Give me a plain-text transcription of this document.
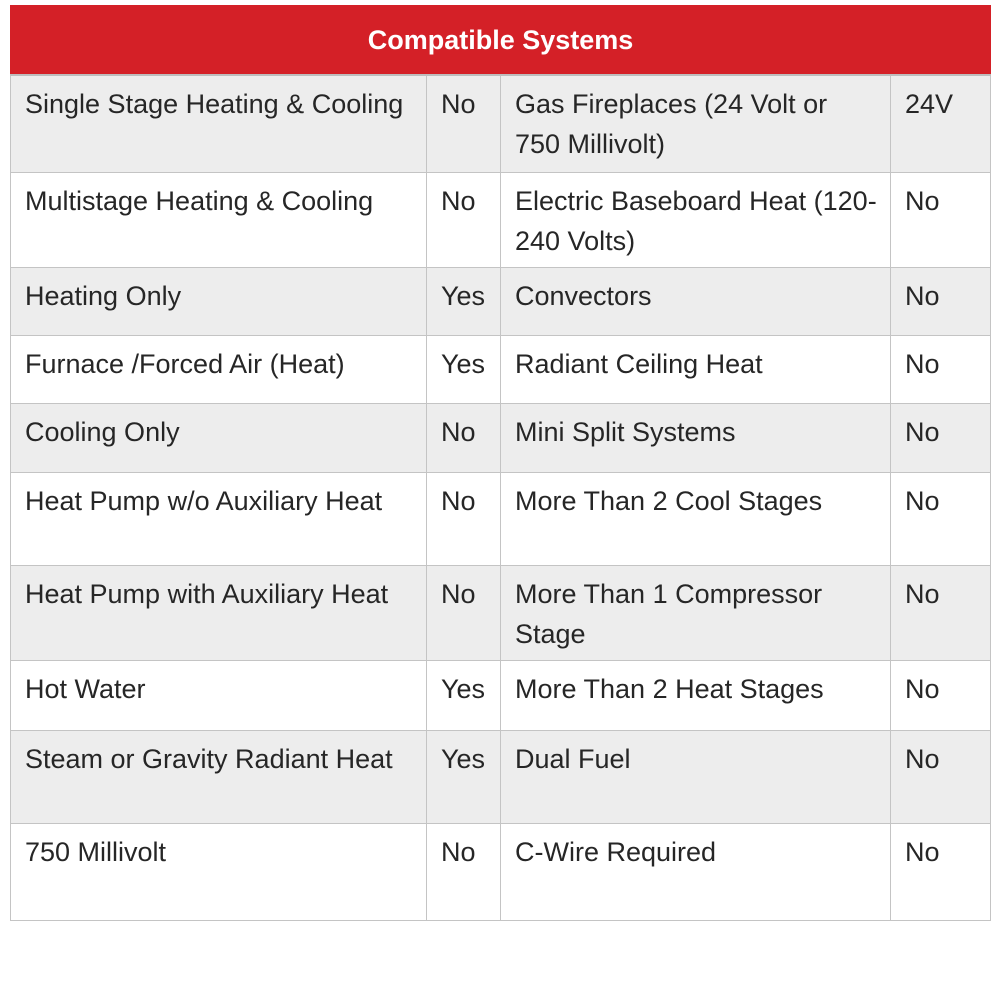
Compatible Systems			
Single Stage Heating & Cooling	No	Gas Fireplaces (24 Volt or 750 Millivolt)	24V
Multistage Heating & Cooling	No	Electric Baseboard Heat (120-240 Volts)	No
Heating Only	Yes	Convectors	No
Furnace /Forced Air (Heat)	Yes	Radiant Ceiling Heat	No
Cooling Only	No	Mini Split Systems	No
Heat Pump w/o Auxiliary Heat	No	More Than 2 Cool Stages	No
Heat Pump with Auxiliary Heat	No	More Than 1 Compressor Stage	No
Hot Water	Yes	More Than 2 Heat Stages	No
Steam or Gravity Radiant Heat	Yes	Dual Fuel	No
750 Millivolt	No	C-Wire Required	No
